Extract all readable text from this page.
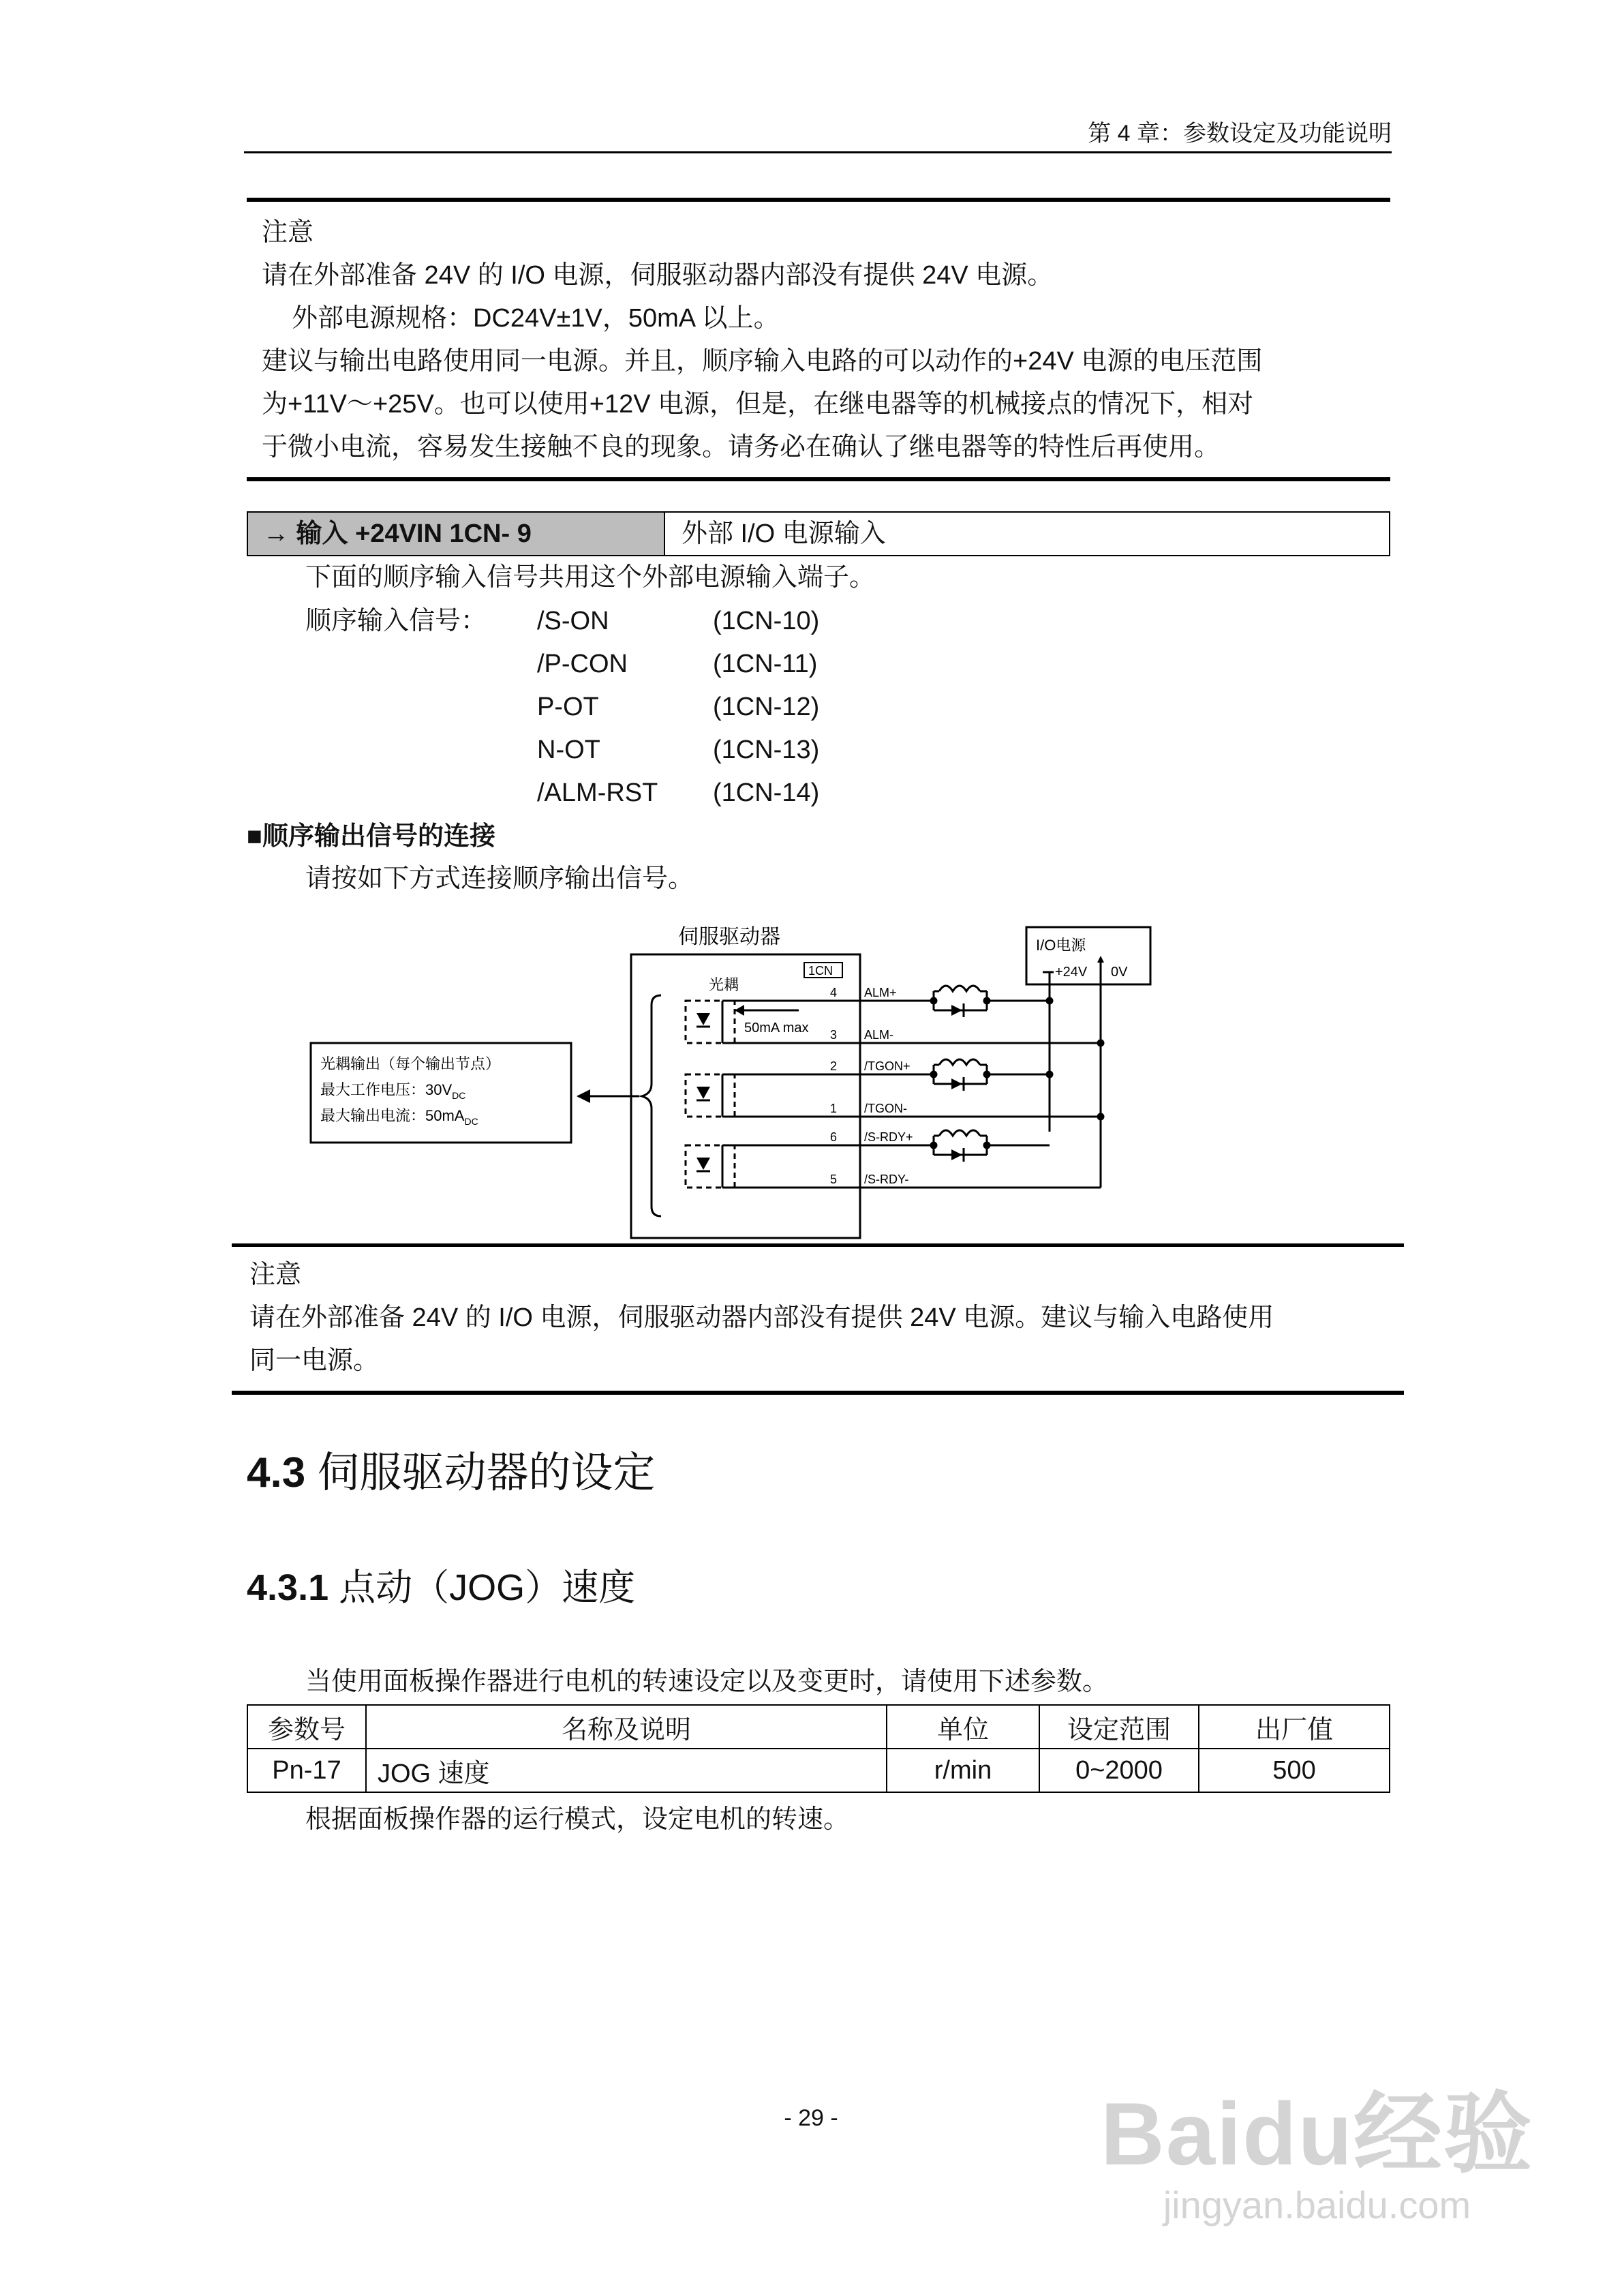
第 4 章：参数设定及功能说明
注意
请在外部准备 24V 的 I/O 电源，伺服驱动器内部没有提供 24V 电源。
外部电源规格：DC24V±1V，50mA 以上。
建议与输出电路使用同一电源。并且，顺序输入电路的可以动作的+24V 电源的电压范围
为+11V～+25V。也可以使用+12V 电源，但是，在继电器等的机械接点的情况下，相对
于微小电流，容易发生接触不良的现象。请务必在确认了继电器等的特性后再使用。
→ 输入 +24VIN 1CN- 9	外部 I/O 电源输入
下面的顺序输入信号共用这个外部电源输入端子。
顺序输入信号： /S-ON	(1CN-10)
/P-CON	(1CN-11)
P-OT	(1CN-12)
N-OT	(1CN-13)
/ALM-RST (1CN-14)
■顺序输出信号的连接
请按如下方式连接顺序输出信号。
伺服驱动器
1CN
光耦
I/O电源
+24V 0V
50mA max
4 ALM+
3 ALM-
2 /TGON+
1 /TGON-
6 /S-RDY+
5 /S-RDY-
光耦输出（每个输出节点）
最大工作电压：$30V_{DC}$
最大输出电流：$50mA_{DC}$
注意
请在外部准备 24V 的 I/O 电源，伺服驱动器内部没有提供 24V 电源。建议与输入电路使用
同一电源。
4.3 伺服驱动器的设定
4.3.1 点动（JOG）速度
当使用面板操作器进行电机的转速设定以及变更时，请使用下述参数。
参数号	名称及说明	单位	设定范围	出厂值
Pn-17	JOG 速度	r/min	0~2000	500
根据面板操作器的运行模式，设定电机的转速。
- 29 -	Baidu经验
jingyan.baidu.com
